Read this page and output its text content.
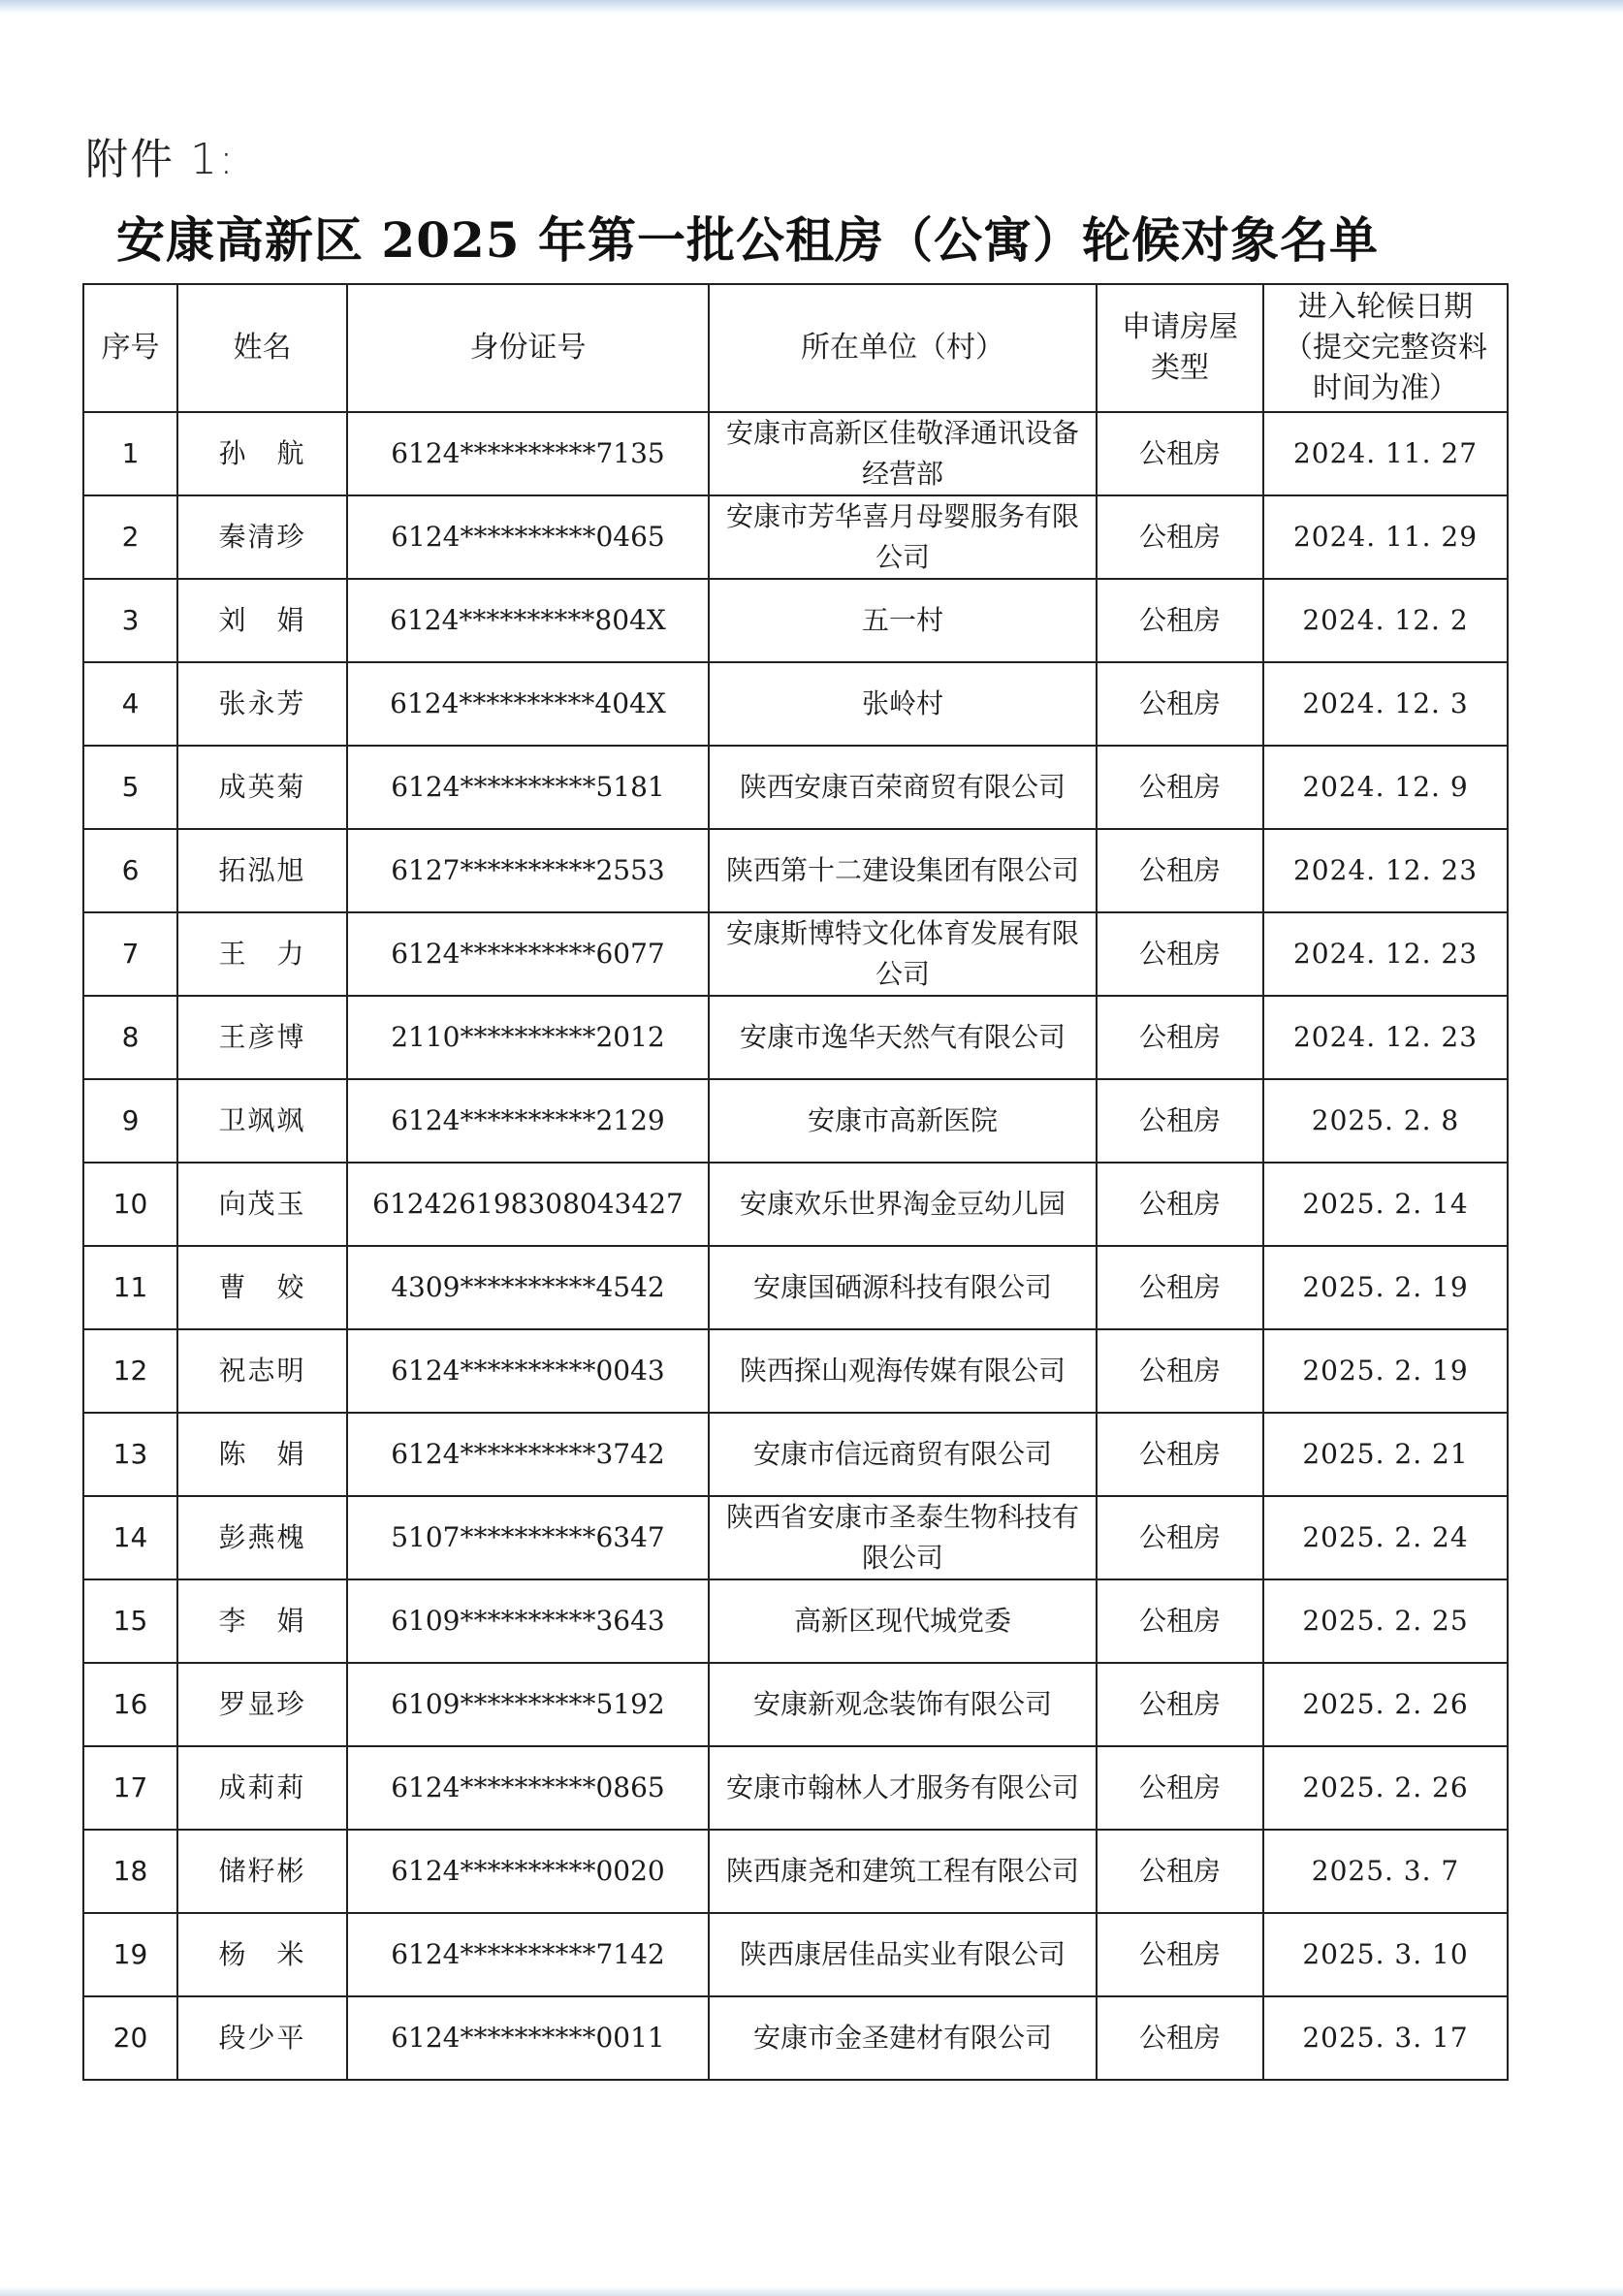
附件 1:
安康高新区 2025 年第一批公租房（公寓）轮候对象名单
序号	姓名	身份证号	所在单位（村）	申请房屋类型	进入轮候日期（提交完整资料时间为准）
1	孙　航	6124**********7135	安康市高新区佳敬泽通讯设备经营部	公租房	2024. 11. 27
2	秦清珍	6124**********0465	安康市芳华喜月母婴服务有限公司	公租房	2024. 11. 29
3	刘　娟	6124**********804X	五一村	公租房	2024. 12. 2
4	张永芳	6124**********404X	张岭村	公租房	2024. 12. 3
5	成英菊	6124**********5181	陕西安康百荣商贸有限公司	公租房	2024. 12. 9
6	拓泓旭	6127**********2553	陕西第十二建设集团有限公司	公租房	2024. 12. 23
7	王　力	6124**********6077	安康斯博特文化体育发展有限公司	公租房	2024. 12. 23
8	王彦博	2110**********2012	安康市逸华天然气有限公司	公租房	2024. 12. 23
9	卫飒飒	6124**********2129	安康市高新医院	公租房	2025. 2. 8
10	向茂玉	612426198308043427	安康欢乐世界淘金豆幼儿园	公租房	2025. 2. 14
11	曹　姣	4309**********4542	安康国硒源科技有限公司	公租房	2025. 2. 19
12	祝志明	6124**********0043	陕西探山观海传媒有限公司	公租房	2025. 2. 19
13	陈　娟	6124**********3742	安康市信远商贸有限公司	公租房	2025. 2. 21
14	彭燕槐	5107**********6347	陕西省安康市圣泰生物科技有限公司	公租房	2025. 2. 24
15	李　娟	6109**********3643	高新区现代城党委	公租房	2025. 2. 25
16	罗显珍	6109**********5192	安康新观念装饰有限公司	公租房	2025. 2. 26
17	成莉莉	6124**********0865	安康市翰林人才服务有限公司	公租房	2025. 2. 26
18	储籽彬	6124**********0020	陕西康尧和建筑工程有限公司	公租房	2025. 3. 7
19	杨　米	6124**********7142	陕西康居佳品实业有限公司	公租房	2025. 3. 10
20	段少平	6124**********0011	安康市金圣建材有限公司	公租房	2025. 3. 17
